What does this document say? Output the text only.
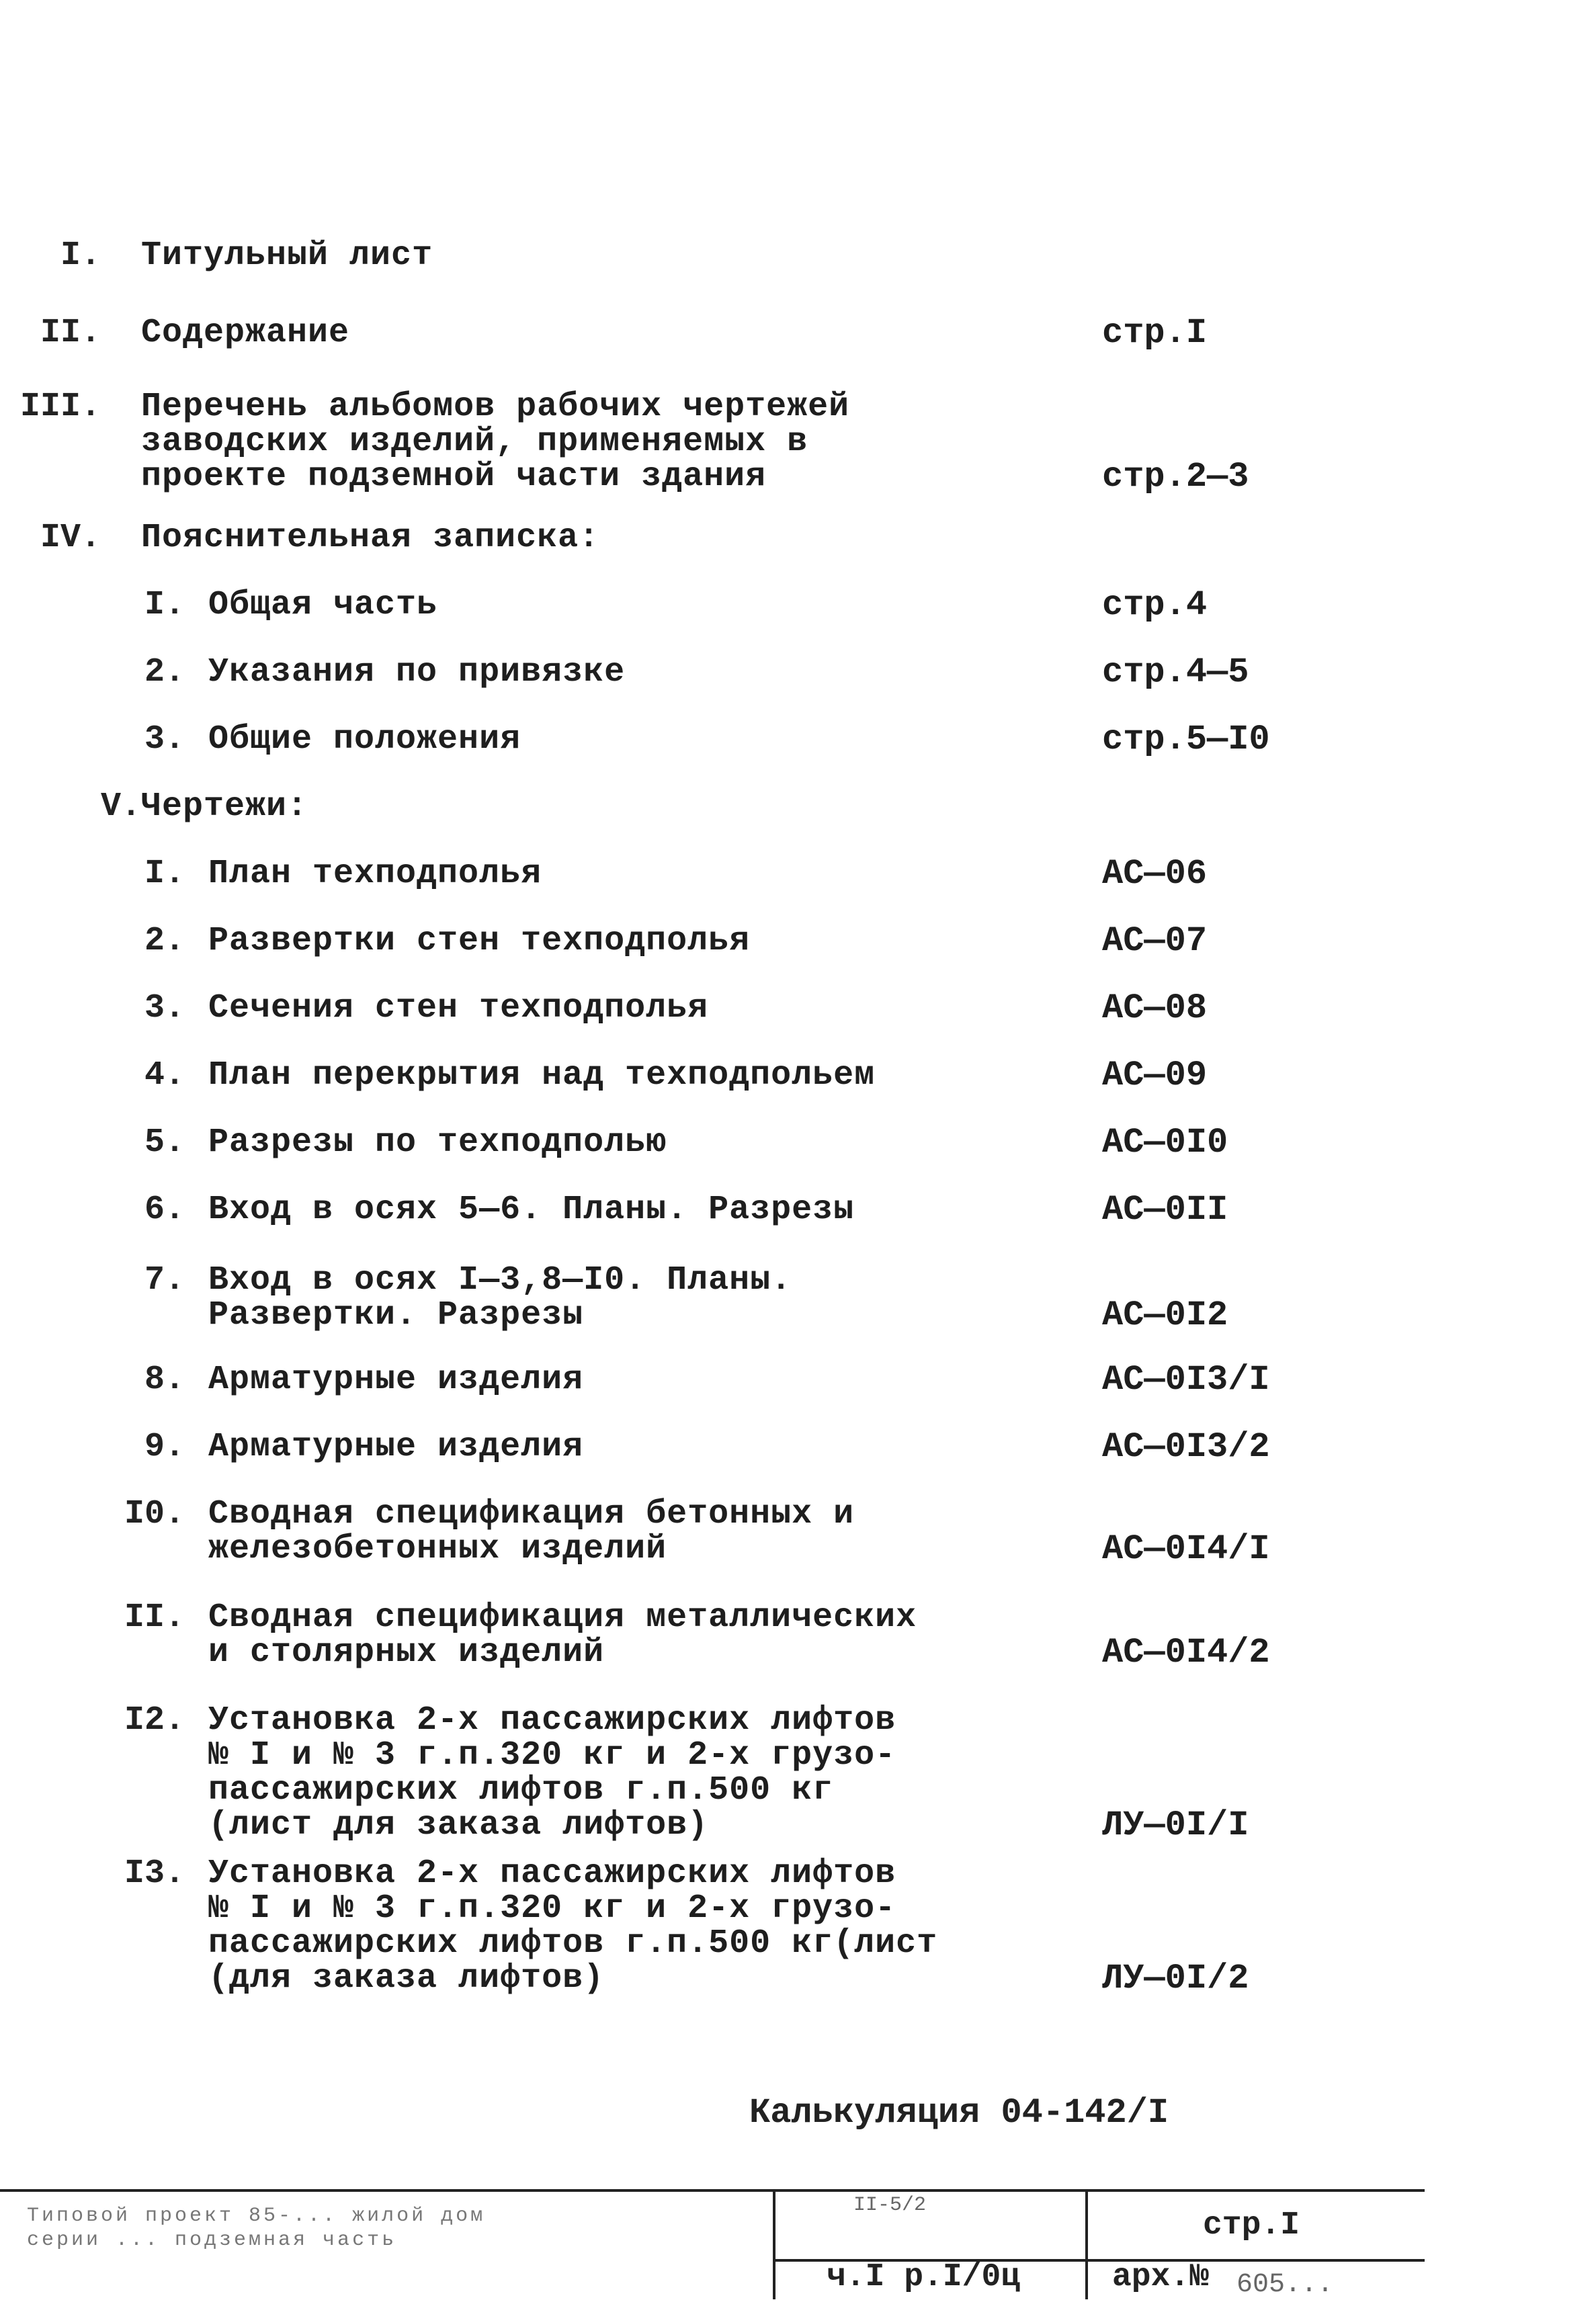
I. Титульный лист
II. Содержание	стр.I
III. Перечень альбомов рабочих чертежей
заводских изделий, применяемых в
проекте подземной части здания	стр.2—3
IV. Пояснительная записка:
I. Общая часть	стр.4
2. Указания по привязке	стр.4—5
3. Общие положения	стр.5—I0
V. Чертежи:
I. План техподполья	АС—06
2. Развертки стен техподполья	АС—07
3. Сечения стен техподполья	АС—08
4. План перекрытия над техподпольем	АС—09
5. Разрезы по техподполью	АС—0I0
6. Вход в осях 5—6. Планы. Разрезы	АС—0II
7. Вход в осях I—3,8—I0. Планы.
Развертки. Разрезы	АС—0I2
8. Арматурные изделия	АС—0I3/I
9. Арматурные изделия	АС—0I3/2
I0. Сводная спецификация бетонных и
железобетонных изделий	АС—0I4/I
II. Сводная спецификация металлических
и столярных изделий	АС—0I4/2
I2. Установка 2-х пассажирских лифтов
№ I и № 3 г.п.320 кг и 2-х грузо-
пассажирских лифтов г.п.500 кг
(лист для заказа лифтов)	ЛУ—0I/I
I3. Установка 2-х пассажирских лифтов
№ I и № 3 г.п.320 кг и 2-х грузо-
пассажирских лифтов г.п.500 кг(лист
(для заказа лифтов)	ЛУ—0I/2
Калькуляция 04-142/I
Типовой проект 85-... жилой дом
серии ... подземная часть
II-5/2
ч.I р.I/0ц
стр.I
арх.№ 605...
